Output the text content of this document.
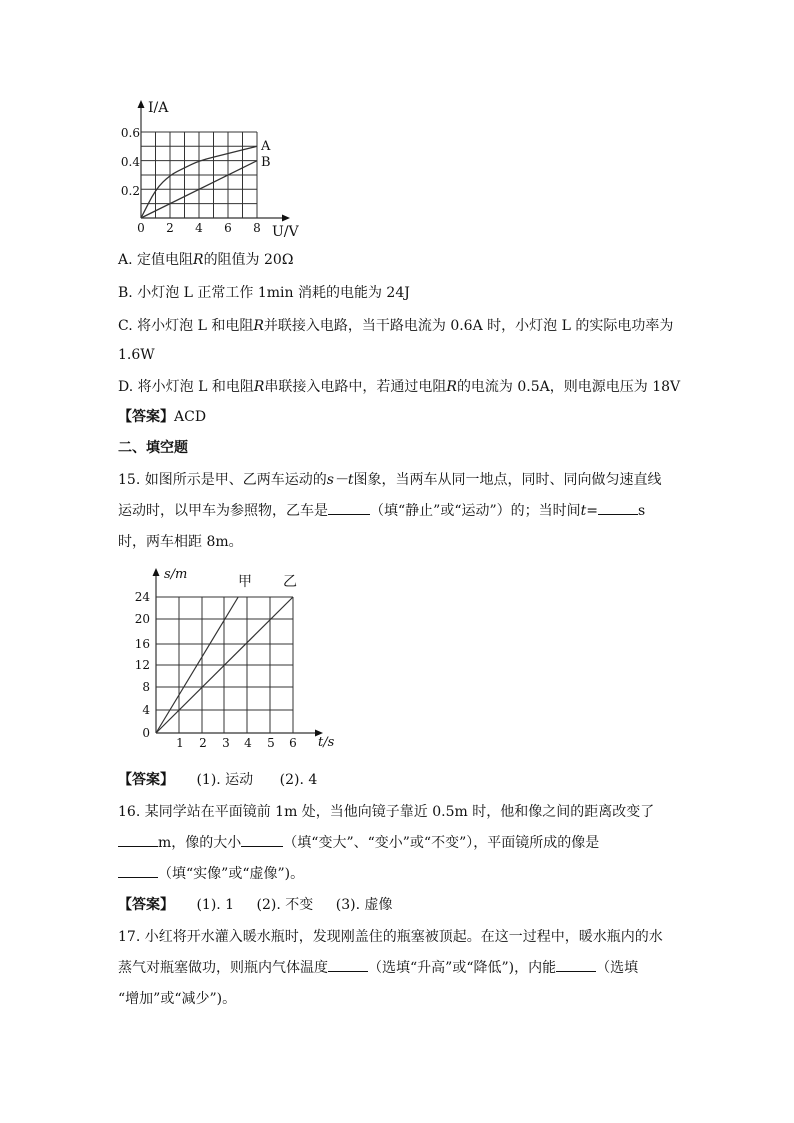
I/A
U/V
0.6
0.4
0.2
0 2 4 6 8
A
B
A. 定值电阻R的阻值为 20Ω
B. 小灯泡 L 正常工作 1min 消耗的电能为 24J
C. 将小灯泡 L 和电阻R并联接入电路，当干路电流为 0.6A 时，小灯泡 L 的实际电功率为
1.6W
D. 将小灯泡 L 和电阻R串联接入电路中，若通过电阻R的电流为 0.5A，则电源电压为 18V
【答案】ACD
二、填空题
15. 如图所示是甲、乙两车运动的s－t图象，当两车从同一地点，同时、同向做匀速直线
运动时，以甲车为参照物，乙车是	（填“静止”或“运动”）的；当时间t=	s
时，两车相距 8m。
s/m
t/s
24
20
16
12
8
4
0
1 2 3 4 5 6
甲 乙
【答案】 (1). 运动 (2). 4
16. 某同学站在平面镜前 1m 处，当他向镜子靠近 0.5m 时，他和像之间的距离改变了
m，像的大小	（填“变大”、“变小”或“不变”），平面镜所成的像是
（填“实像”或“虚像”)。
【答案】 (1). 1 (2). 不变 (3). 虚像
17. 小红将开水灌入暖水瓶时，发现刚盖住的瓶塞被顶起。在这一过程中，暖水瓶内的水
蒸气对瓶塞做功，则瓶内气体温度	（选填“升高”或“降低”)，内能	（选填
“增加”或“减少”)。
